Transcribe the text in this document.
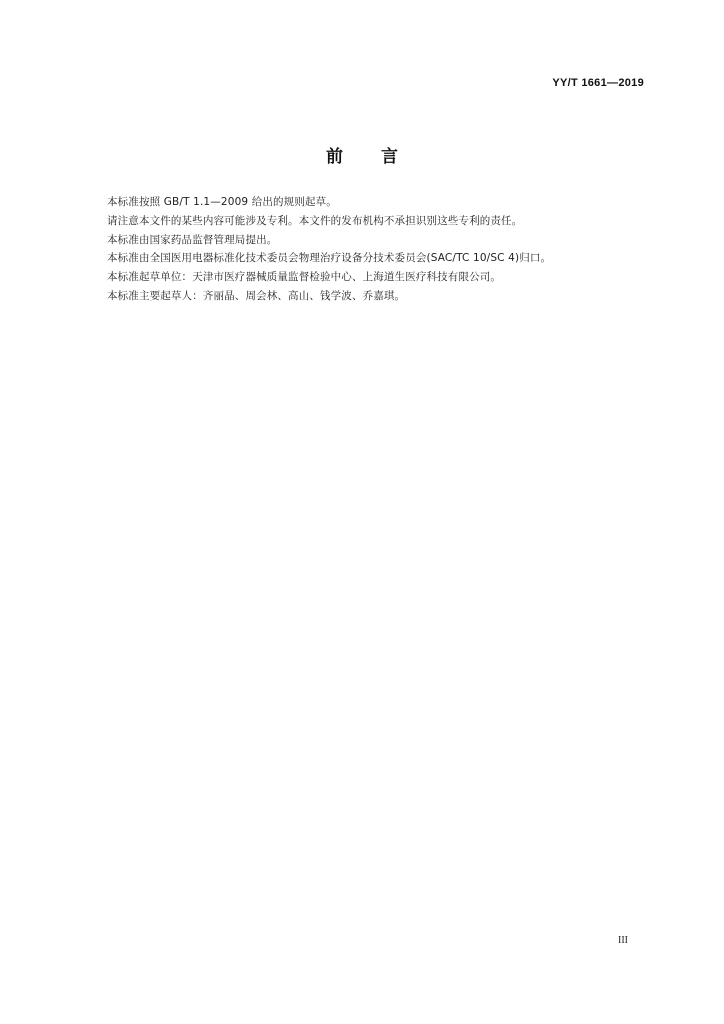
YY/T 1661—2019
前言
本标准按照 GB/T 1.1—2009 给出的规则起草。
请注意本文件的某些内容可能涉及专利。本文件的发布机构不承担识别这些专利的责任。
本标准由国家药品监督管理局提出。
本标准由全国医用电器标准化技术委员会物理治疗设备分技术委员会(SAC/TC 10/SC 4)归口。
本标准起草单位：天津市医疗器械质量监督检验中心、上海道生医疗科技有限公司。
本标准主要起草人：齐丽晶、周会林、高山、钱学波、乔嘉琪。
III
